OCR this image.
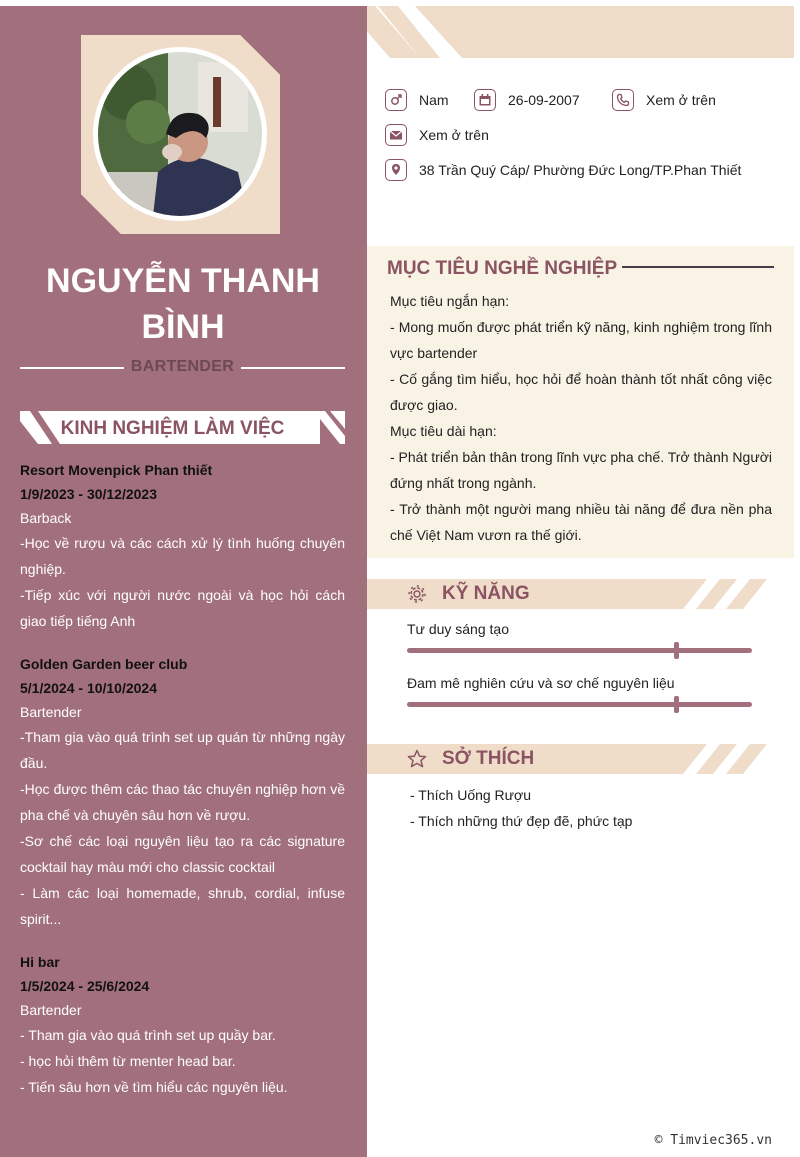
NGUYỄN THANH BÌNH
BARTENDER
KINH NGHIỆM LÀM VIỆC
Resort Movenpick Phan thiết
1/9/2023 - 30/12/2023
Barback

-Học về rượu và các cách xử lý tình huống chuyên nghiệp.

-Tiếp xúc với người nước ngoài và học hỏi cách giao tiếp tiếng Anh

Golden Garden beer club
5/1/2024 - 10/10/2024
Bartender

-Tham gia vào quá trình set up quán từ những ngày đầu.

-Học được thêm các thao tác chuyên nghiệp hơn về pha chế và chuyên sâu hơn về rượu.

-Sơ chế các loại nguyên liệu tạo ra các signature cocktail hay màu mới cho classic cocktail

- Làm các loại homemade, shrub, cordial, infuse spirit...

Hi bar
1/5/2024 - 25/6/2024
Bartender

- Tham gia vào quá trình set up quầy bar.

- học hỏi thêm từ menter head bar.

- Tiến sâu hơn về tìm hiểu các nguyên liệu.

Nam	26-09-2007	Xem ở trên
Xem ở trên
38 Trần Quý Cáp/ Phường Đức Long/TP.Phan Thiết
MỤC TIÊU NGHỀ NGHIỆP

Mục tiêu ngắn hạn:

- Mong muốn được phát triển kỹ năng, kinh nghiệm trong lĩnh vực bartender

- Cố gắng tìm hiểu, học hỏi để hoàn thành tốt nhất công việc được giao.

Mục tiêu dài hạn:

- Phát triển bản thân trong lĩnh vực pha chế. Trở thành Người đứng nhất trong ngành.

- Trở thành một người mang nhiều tài năng để đưa nền pha chế Việt Nam vươn ra thế giới.

KỸ NĂNG
Tư duy sáng tạo
Đam mê nghiên cứu và sơ chế nguyên liệu
SỞ THÍCH
- Thích Uống Rượu
- Thích những thứ đẹp đẽ, phức tạp
© Timviec365.vn
